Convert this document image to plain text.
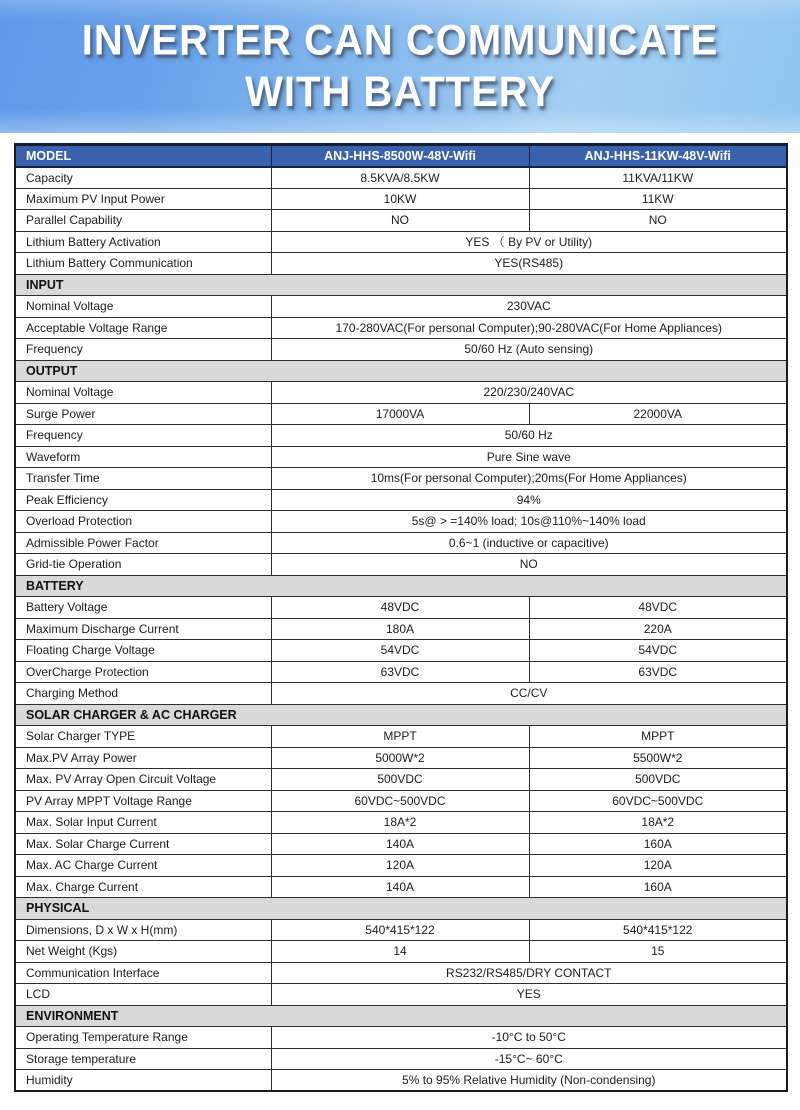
INVERTER CAN COMMUNICATE
WITH BATTERY
MODEL	ANJ-HHS-8500W-48V-Wifi	ANJ-HHS-11KW-48V-Wifi
Capacity	8.5KVA/8.5KW	11KVA/11KW
Maximum PV Input Power	10KW	11KW
Parallel Capability	NO	NO
Lithium Battery Activation	YES （ By PV or Utility)	
Lithium Battery Communication	YES(RS485)	
INPUT		
Nominal Voltage	230VAC	
Acceptable Voltage Range	170-280VAC(For personal Computer);90-280VAC(For Home Appliances)	
Frequency	50/60 Hz (Auto sensing)	
OUTPUT		
Nominal Voltage	220/230/240VAC	
Surge Power	17000VA	22000VA
Frequency	50/60 Hz	
Waveform	Pure Sine wave	
Transfer Time	10ms(For personal Computer);20ms(For Home Appliances)	
Peak Efficiency	94%	
Overload Protection	5s@ > =140% load; 10s@110%~140% load	
Admissible Power Factor	0.6~1 (inductive or capacitive)	
Grid-tie Operation	NO	
BATTERY		
Battery Voltage	48VDC	48VDC
Maximum Discharge Current	180A	220A
Floating Charge Voltage	54VDC	54VDC
OverCharge Protection	63VDC	63VDC
Charging Method	CC/CV	
SOLAR CHARGER & AC CHARGER		
Solar Charger TYPE	MPPT	MPPT
Max.PV Array Power	5000W*2	5500W*2
Max. PV Array Open Circuit Voltage	500VDC	500VDC
PV Array MPPT Voltage Range	60VDC~500VDC	60VDC~500VDC
Max. Solar Input Current	18A*2	18A*2
Max. Solar Charge Current	140A	160A
Max. AC Charge Current	120A	120A
Max. Charge Current	140A	160A
PHYSICAL		
Dimensions, D x W x H(mm)	540*415*122	540*415*122
Net Weight (Kgs)	14	15
Communication Interface	RS232/RS485/DRY CONTACT	
LCD	YES	
ENVIRONMENT		
Operating Temperature Range	-10°C to 50°C	
Storage temperature	-15°C~ 60°C	
Humidity	5% to 95% Relative Humidity (Non-condensing)	
